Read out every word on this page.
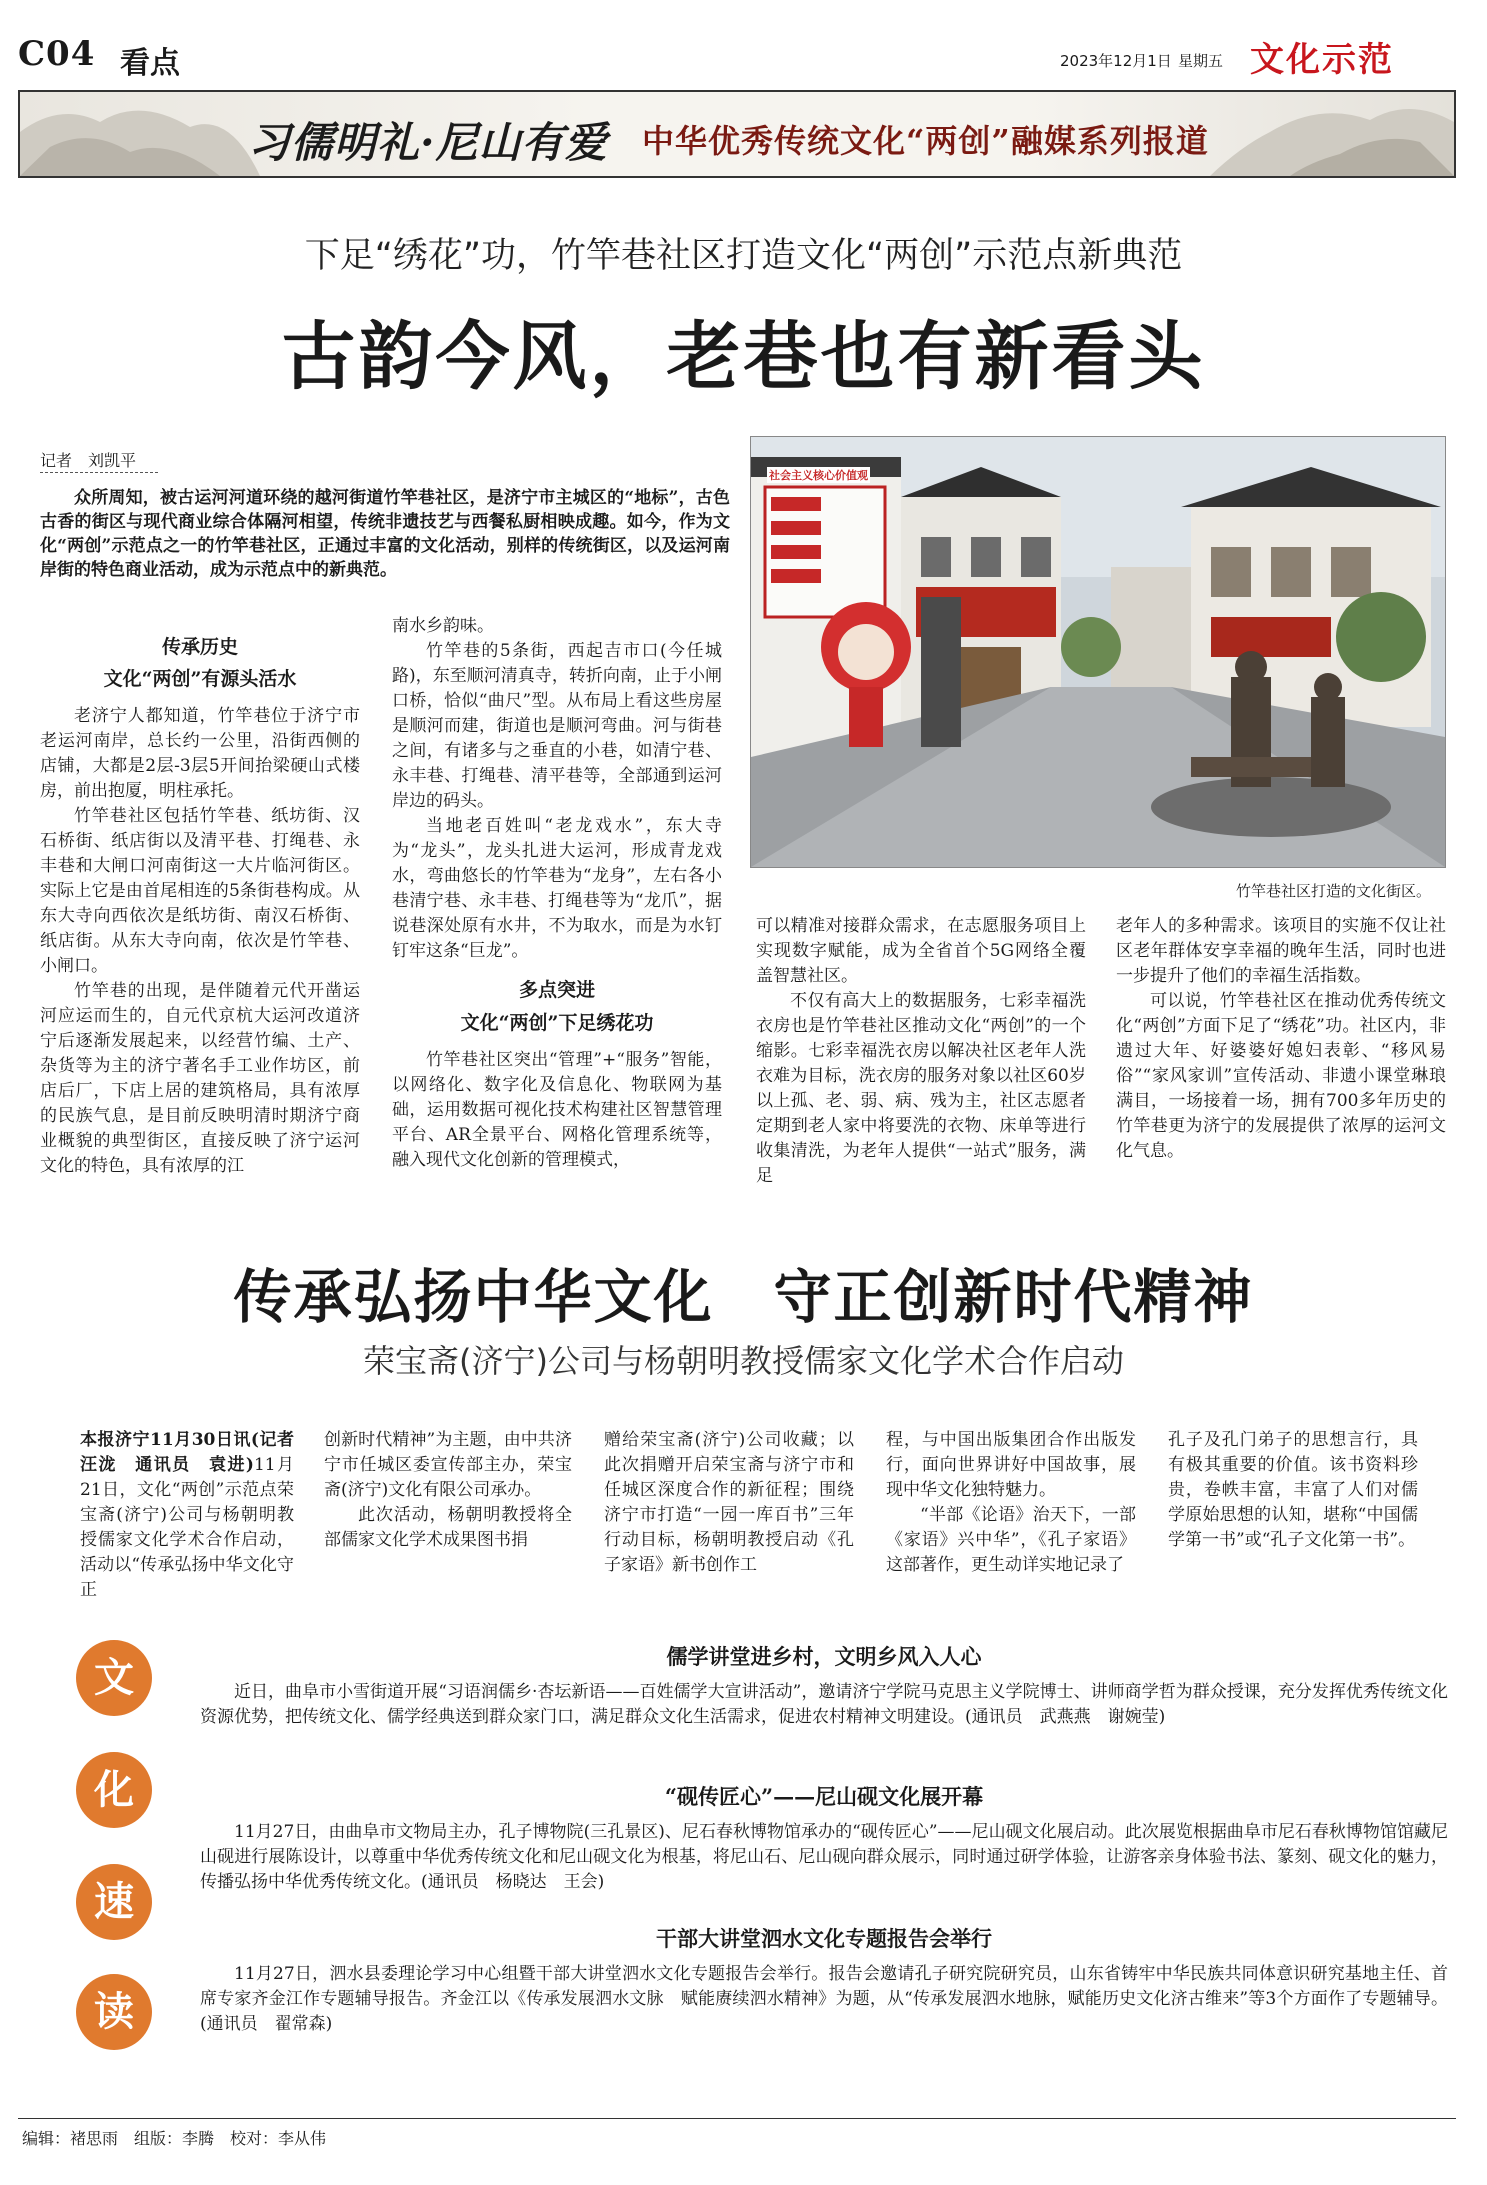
C04 看点	2023年12月1日 星期五 文化示范
习儒明礼·尼山有爱 中华优秀传统文化“两创”融媒系列报道
下足“绣花”功，竹竿巷社区打造文化“两创”示范点新典范
古韵今风，老巷也有新看头
记者　刘凯平

众所周知，被古运河河道环绕的越河街道竹竿巷社区，是济宁市主城区的“地标”，古色古香的街区与现代商业综合体隔河相望，传统非遗技艺与西餐私厨相映成趣。如今，作为文化“两创”示范点之一的竹竿巷社区，正通过丰富的文化活动，别样的传统街区，以及运河南岸街的特色商业活动，成为示范点中的新典范。

社会主义核心价值观
竹竿巷社区打造的文化街区。
传承历史
文化“两创”有源头活水

老济宁人都知道，竹竿巷位于济宁市老运河南岸，总长约一公里，沿街西侧的店铺，大都是2层-3层5开间抬梁硬山式楼房，前出抱厦，明柱承托。

竹竿巷社区包括竹竿巷、纸坊街、汉石桥街、纸店街以及清平巷、打绳巷、永丰巷和大闸口河南街这一大片临河街区。实际上它是由首尾相连的5条街巷构成。从东大寺向西依次是纸坊街、南汉石桥街、纸店街。从东大寺向南，依次是竹竿巷、小闸口。

竹竿巷的出现，是伴随着元代开凿运河应运而生的，自元代京杭大运河改道济宁后逐渐发展起来，以经营竹编、土产、杂货等为主的济宁著名手工业作坊区，前店后厂，下店上居的建筑格局，具有浓厚的民族气息，是目前反映明清时期济宁商业概貌的典型街区，直接反映了济宁运河文化的特色，具有浓厚的江

南水乡韵味。

竹竿巷的5条街，西起吉市口(今任城路)，东至顺河清真寺，转折向南，止于小闸口桥，恰似“曲尺”型。从布局上看这些房屋是顺河而建，街道也是顺河弯曲。河与街巷之间，有诸多与之垂直的小巷，如清宁巷、永丰巷、打绳巷、清平巷等，全部通到运河岸边的码头。

当地老百姓叫“老龙戏水”，东大寺为“龙头”，龙头扎进大运河，形成青龙戏水，弯曲悠长的竹竿巷为“龙身”，左右各小巷清宁巷、永丰巷、打绳巷等为“龙爪”，据说巷深处原有水井，不为取水，而是为水钉钉牢这条“巨龙”。

多点突进
文化“两创”下足绣花功

竹竿巷社区突出“管理”+“服务”智能，以网络化、数字化及信息化、物联网为基础，运用数据可视化技术构建社区智慧管理平台、AR全景平台、网格化管理系统等，融入现代文化创新的管理模式，

可以精准对接群众需求，在志愿服务项目上实现数字赋能，成为全省首个5G网络全覆盖智慧社区。

不仅有高大上的数据服务，七彩幸福洗衣房也是竹竿巷社区推动文化“两创”的一个缩影。七彩幸福洗衣房以解决社区老年人洗衣难为目标，洗衣房的服务对象以社区60岁以上孤、老、弱、病、残为主，社区志愿者定期到老人家中将要洗的衣物、床单等进行收集清洗，为老年人提供“一站式”服务，满足

老年人的多种需求。该项目的实施不仅让社区老年群体安享幸福的晚年生活，同时也进一步提升了他们的幸福生活指数。

可以说，竹竿巷社区在推动优秀传统文化“两创”方面下足了“绣花”功。社区内，非遗过大年、好婆婆好媳妇表彰、“移风易俗”“家风家训”宣传活动、非遗小课堂琳琅满目，一场接着一场，拥有700多年历史的竹竿巷更为济宁的发展提供了浓厚的运河文化气息。

传承弘扬中华文化　守正创新时代精神
荣宝斋(济宁)公司与杨朝明教授儒家文化学术合作启动

本报济宁11月30日讯(记者　汪泷　通讯员　袁进)11月21日，文化“两创”示范点荣宝斋(济宁)公司与杨朝明教授儒家文化学术合作启动，活动以“传承弘扬中华文化守正

创新时代精神”为主题，由中共济宁市任城区委宣传部主办，荣宝斋(济宁)文化有限公司承办。

此次活动，杨朝明教授将全部儒家文化学术成果图书捐

赠给荣宝斋(济宁)公司收藏；以此次捐赠开启荣宝斋与济宁市和任城区深度合作的新征程；围绕济宁市打造“一园一库百书”三年行动目标，杨朝明教授启动《孔子家语》新书创作工

程，与中国出版集团合作出版发行，面向世界讲好中国故事，展现中华文化独特魅力。

“半部《论语》治天下，一部《家语》兴中华”，《孔子家语》这部著作，更生动详实地记录了

孔子及孔门弟子的思想言行，具有极其重要的价值。该书资料珍贵，卷帙丰富，丰富了人们对儒学原始思想的认知，堪称“中国儒学第一书”或“孔子文化第一书”。

文
化
速
读
儒学讲堂进乡村，文明乡风入人心

近日，曲阜市小雪街道开展“习语润儒乡·杏坛新语——百姓儒学大宣讲活动”，邀请济宁学院马克思主义学院博士、讲师商学哲为群众授课，充分发挥优秀传统文化资源优势，把传统文化、儒学经典送到群众家门口，满足群众文化生活需求，促进农村精神文明建设。(通讯员　武燕燕　谢婉莹)

“砚传匠心”——尼山砚文化展开幕

11月27日，由曲阜市文物局主办，孔子博物院(三孔景区)、尼石春秋博物馆承办的“砚传匠心”——尼山砚文化展启动。此次展览根据曲阜市尼石春秋博物馆馆藏尼山砚进行展陈设计，以尊重中华优秀传统文化和尼山砚文化为根基，将尼山石、尼山砚向群众展示，同时通过研学体验，让游客亲身体验书法、篆刻、砚文化的魅力，传播弘扬中华优秀传统文化。(通讯员　杨晓达　王会)

干部大讲堂泗水文化专题报告会举行

11月27日，泗水县委理论学习中心组暨干部大讲堂泗水文化专题报告会举行。报告会邀请孔子研究院研究员，山东省铸牢中华民族共同体意识研究基地主任、首席专家齐金江作专题辅导报告。齐金江以《传承发展泗水文脉　赋能赓续泗水精神》为题，从“传承发展泗水地脉，赋能历史文化济古维来”等3个方面作了专题辅导。(通讯员　翟常森)

编辑：褚思雨　组版：李腾　校对：李从伟
